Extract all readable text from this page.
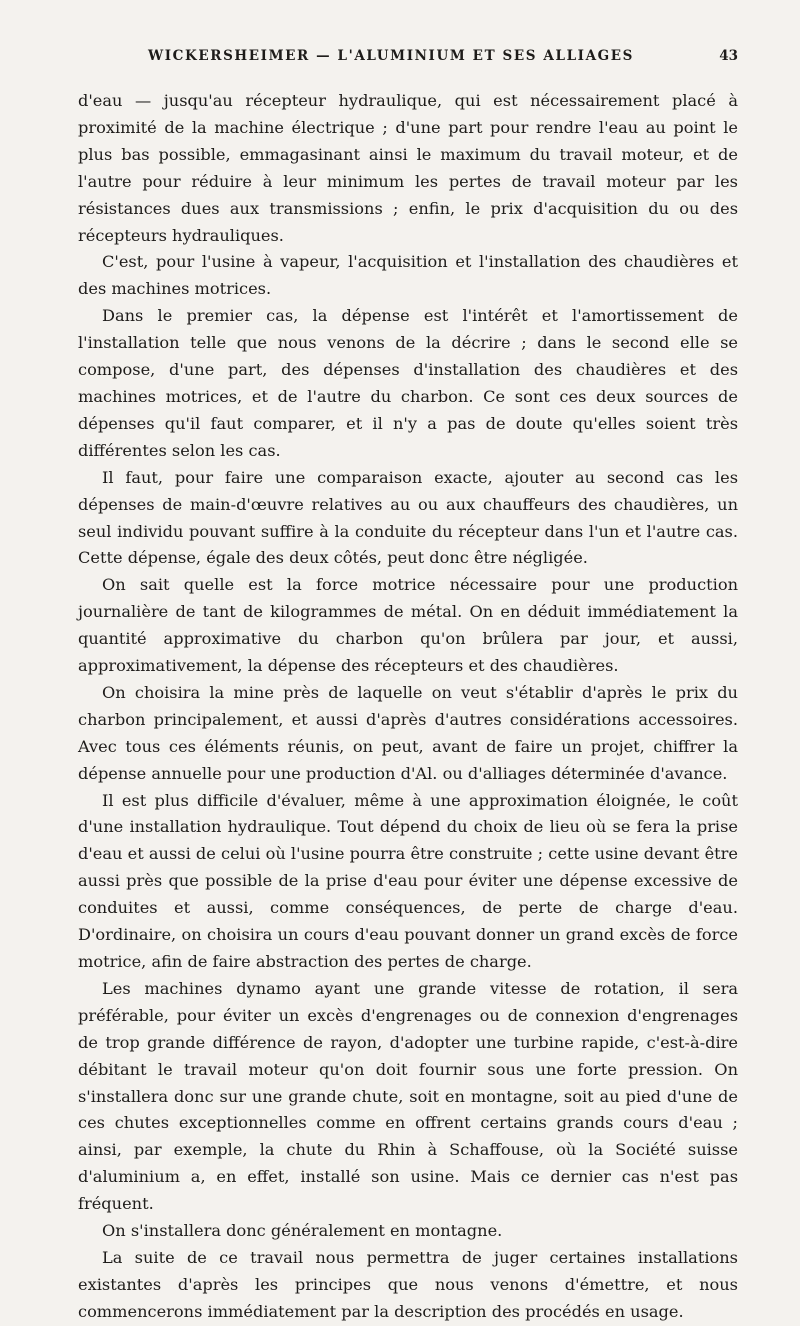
WICKERSHEIMER — L'ALUMINIUM ET SES ALLIAGES	43

d'eau — jusqu'au récepteur hydraulique, qui est nécessairement placé à proximité de la machine électrique ; d'une part pour rendre l'eau au point le plus bas possible, emmagasinant ainsi le maximum du travail moteur, et de l'autre pour réduire à leur minimum les pertes de travail moteur par les résistances dues aux transmissions ; enfin, le prix d'acquisition du ou des récepteurs hydrauliques.

C'est, pour l'usine à vapeur, l'acquisition et l'installation des chaudières et des machines motrices.

Dans le premier cas, la dépense est l'intérêt et l'amortissement de l'installation telle que nous venons de la décrire ; dans le second elle se compose, d'une part, des dépenses d'installation des chaudières et des machines motrices, et de l'autre du charbon. Ce sont ces deux sources de dépenses qu'il faut comparer, et il n'y a pas de doute qu'elles soient très différentes selon les cas.

Il faut, pour faire une comparaison exacte, ajouter au second cas les dépenses de main-d'œuvre relatives au ou aux chauffeurs des chaudières, un seul individu pouvant suffire à la conduite du récepteur dans l'un et l'autre cas. Cette dépense, égale des deux côtés, peut donc être négligée.

On sait quelle est la force motrice nécessaire pour une production journalière de tant de kilogrammes de métal. On en déduit immédiatement la quantité approximative du charbon qu'on brûlera par jour, et aussi, approximativement, la dépense des récepteurs et des chaudières.

On choisira la mine près de laquelle on veut s'établir d'après le prix du charbon principalement, et aussi d'après d'autres considérations accessoires. Avec tous ces éléments réunis, on peut, avant de faire un projet, chiffrer la dépense annuelle pour une production d'Al. ou d'alliages déterminée d'avance.

Il est plus difficile d'évaluer, même à une approximation éloignée, le coût d'une installation hydraulique. Tout dépend du choix de lieu où se fera la prise d'eau et aussi de celui où l'usine pourra être construite ; cette usine devant être aussi près que possible de la prise d'eau pour éviter une dépense excessive de conduites et aussi, comme conséquences, de perte de charge d'eau. D'ordinaire, on choisira un cours d'eau pouvant donner un grand excès de force motrice, afin de faire abstraction des pertes de charge.

Les machines dynamo ayant une grande vitesse de rotation, il sera préférable, pour éviter un excès d'engrenages ou de connexion d'engrenages de trop grande différence de rayon, d'adopter une turbine rapide, c'est-à-dire débitant le travail moteur qu'on doit fournir sous une forte pression. On s'installera donc sur une grande chute, soit en montagne, soit au pied d'une de ces chutes exceptionnelles comme en offrent certains grands cours d'eau ; ainsi, par exemple, la chute du Rhin à Schaffouse, où la Société suisse d'aluminium a, en effet, installé son usine. Mais ce dernier cas n'est pas fréquent.

On s'installera donc généralement en montagne.

La suite de ce travail nous permettra de juger certaines installations existantes d'après les principes que nous venons d'émettre, et nous commencerons immédiatement par la description des procédés en usage.
